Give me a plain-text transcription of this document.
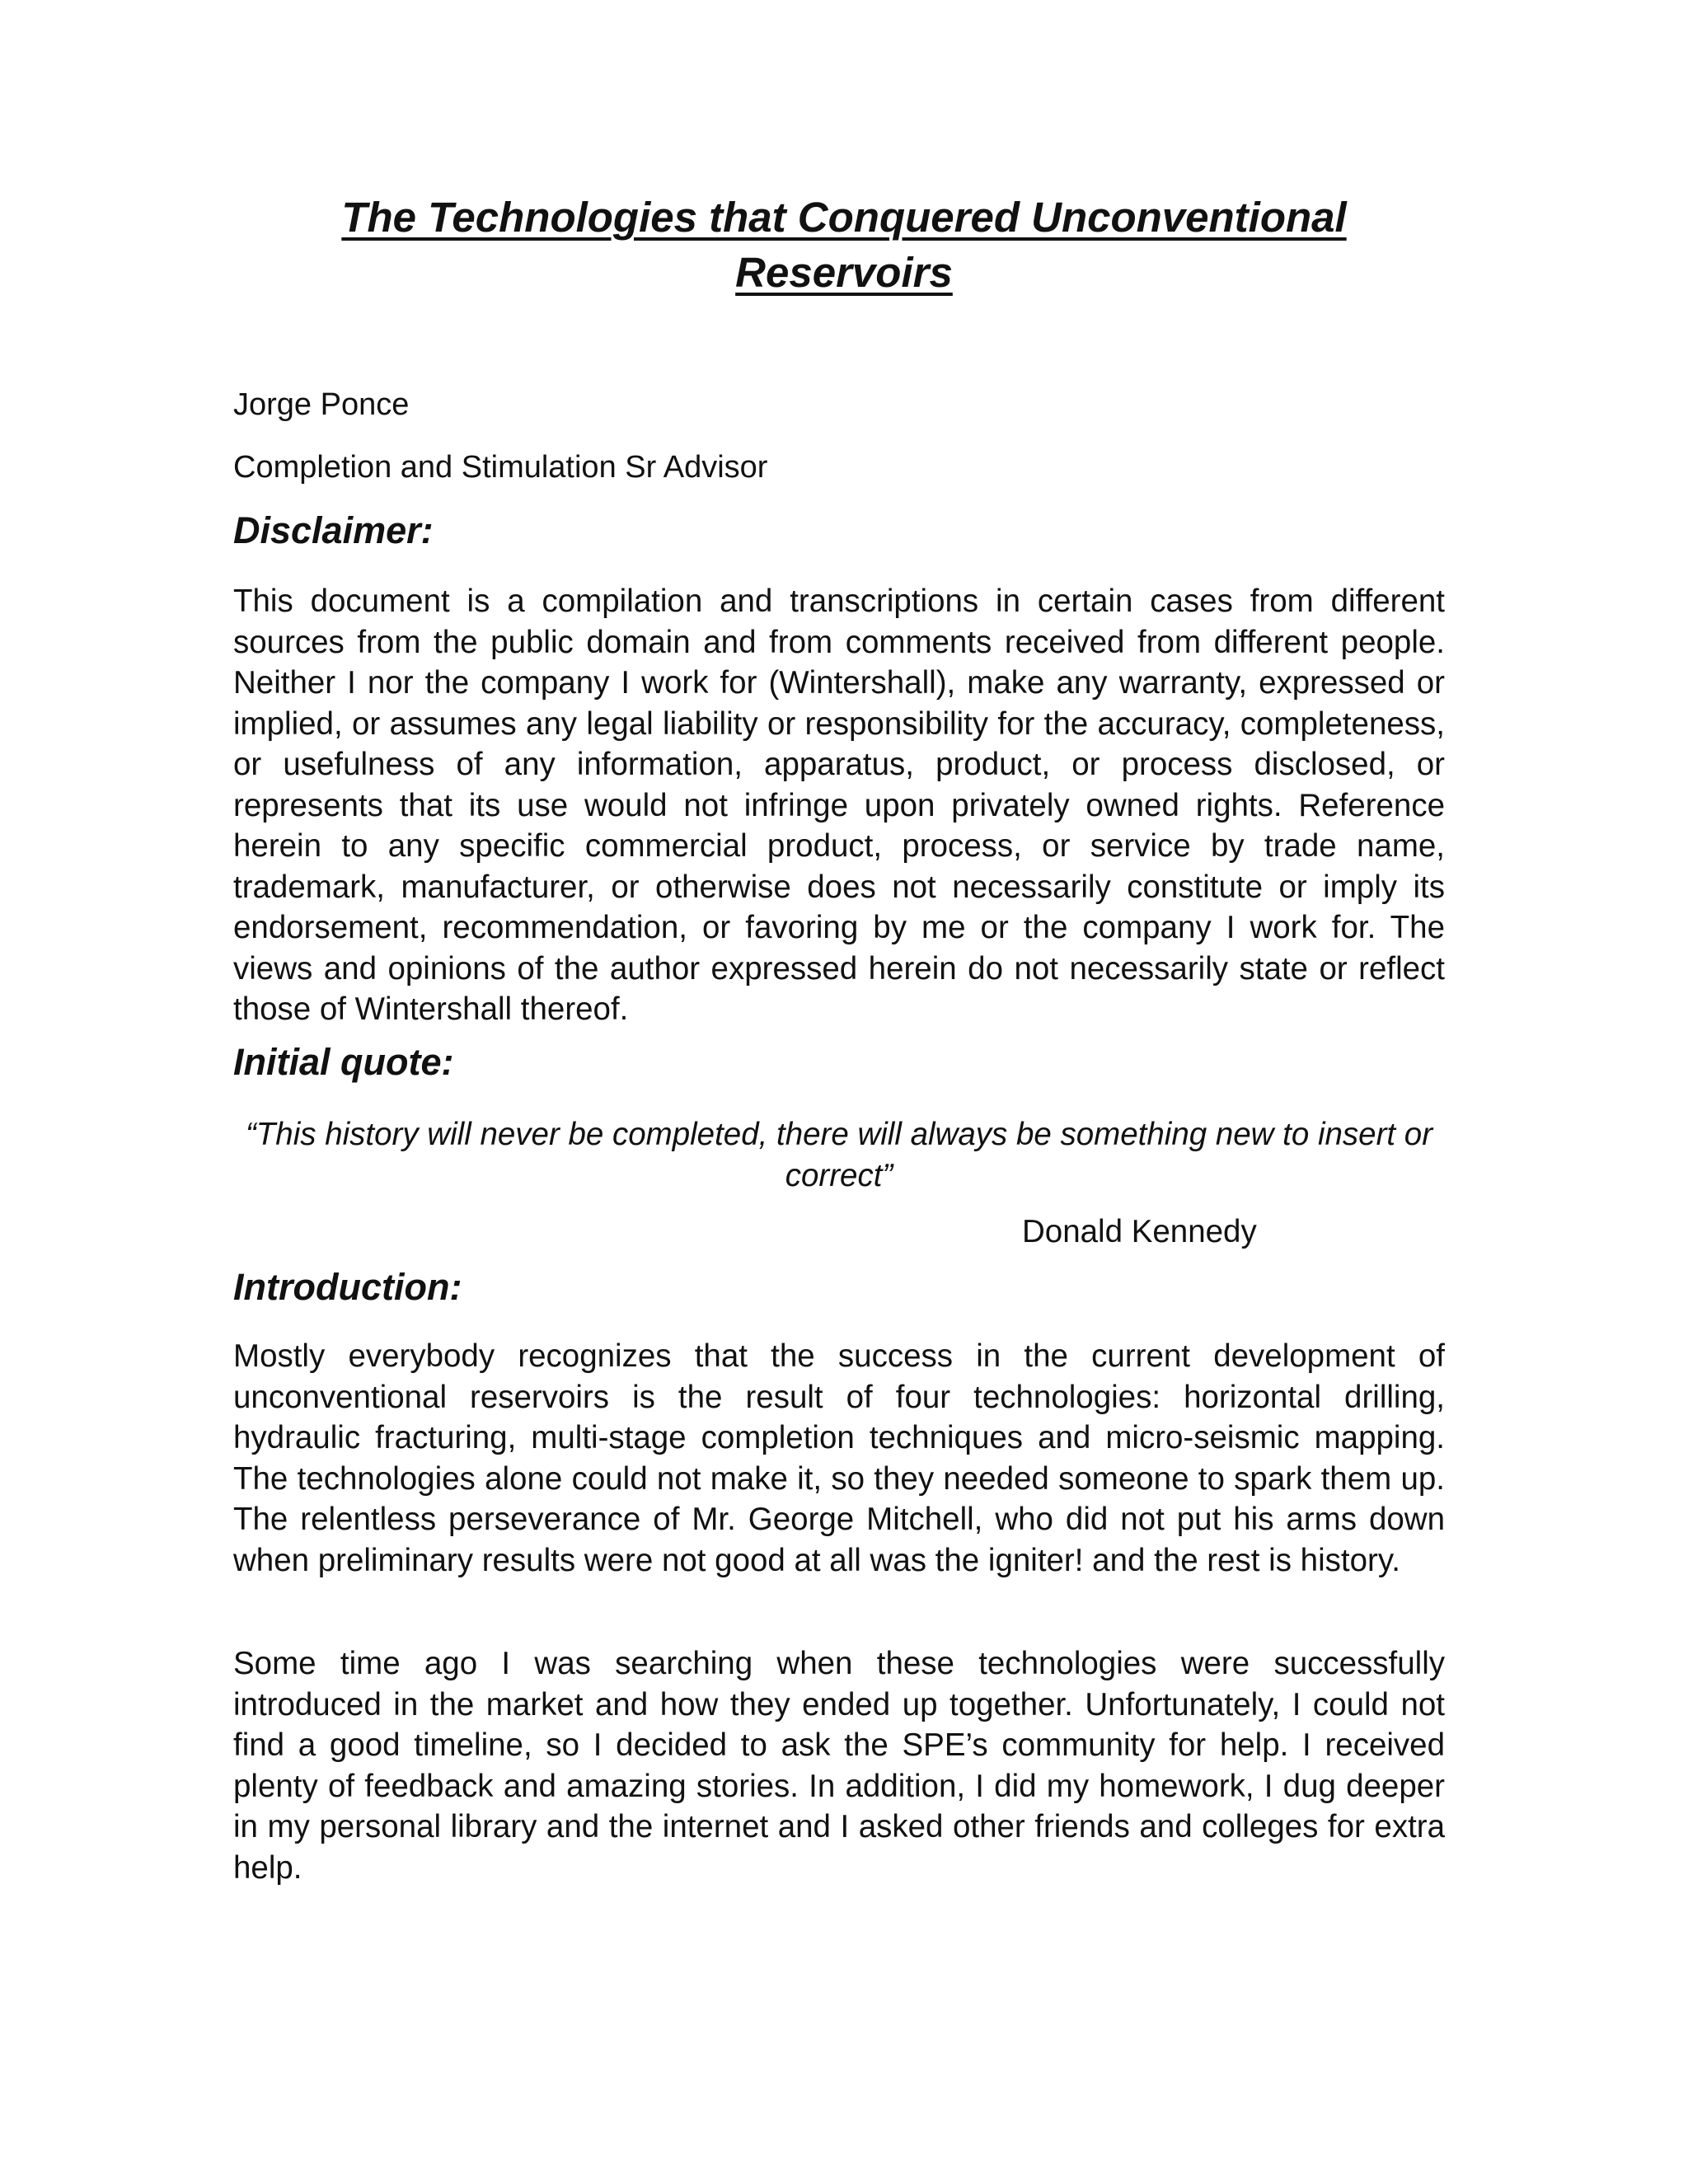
The Technologies that Conquered Unconventional Reservoirs

Jorge Ponce

Completion and Stimulation Sr Advisor

Disclaimer:

This document is a compilation and transcriptions in certain cases from different sources from the public domain and from comments received from different people. Neither I nor the company I work for (Wintershall), make any warranty, expressed or implied, or assumes any legal liability or responsibility for the accuracy, completeness, or usefulness of any information, apparatus, product, or process disclosed, or represents that its use would not infringe upon privately owned rights. Reference herein to any specific commercial product, process, or service by trade name, trademark, manufacturer, or otherwise does not necessarily constitute or imply its endorsement, recommendation, or favoring by me or the company I work for. The views and opinions of the author expressed herein do not necessarily state or reflect those of Wintershall thereof.

Initial quote:

“This history will never be completed, there will always be something new to insert or correct”

Donald Kennedy

Introduction:

Mostly everybody recognizes that the success in the current development of unconventional reservoirs is the result of four technologies: horizontal drilling, hydraulic fracturing, multi-stage completion techniques and micro-seismic mapping. The technologies alone could not make it, so they needed someone to spark them up. The relentless perseverance of Mr. George Mitchell, who did not put his arms down when preliminary results were not good at all was the igniter! and the rest is history.

Some time ago I was searching when these technologies were successfully introduced in the market and how they ended up together. Unfortunately, I could not find a good timeline, so I decided to ask the SPE’s community for help. I received plenty of feedback and amazing stories. In addition, I did my homework, I dug deeper in my personal library and the internet and I asked other friends and colleges for extra help.
